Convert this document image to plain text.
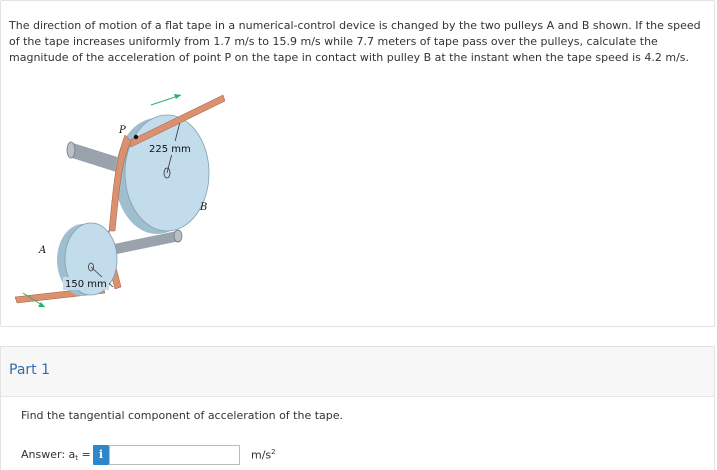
The direction of motion of a flat tape in a numerical-control device is changed by the two pulleys A and B shown. If the speed of the tape increases uniformly from 1.7 m/s to 15.9 m/s while 7.7 meters of tape pass over the pulleys, calculate the magnitude of the acceleration of point P on the tape in contact with pulley B at the instant when the tape speed is 4.2 m/s.
225 mm
150 mm
P
A
B
Part 1
Find the tangential component of acceleration of the tape.
Answer: at = i	$m/s^2$
